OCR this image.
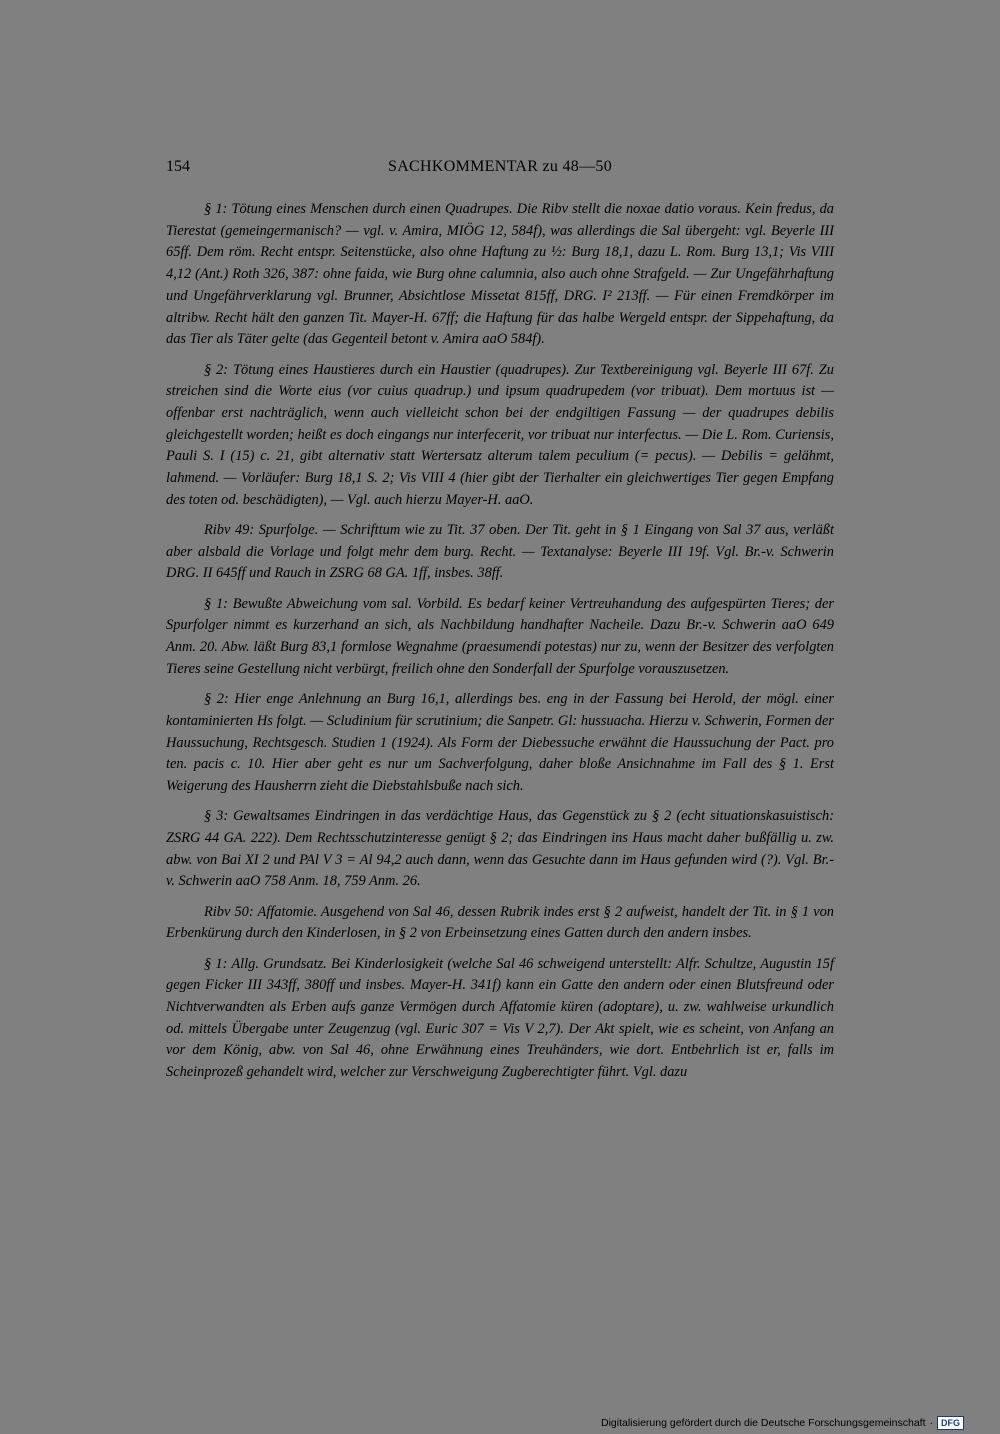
154	SACHKOMMENTAR zu 48—50

§ 1: Tötung eines Menschen durch einen Quadrupes. Die Ribv stellt die noxae datio voraus. Kein fredus, da Tierestat (gemeingermanisch? — vgl. v. Amira, MIÖG 12, 584f), was allerdings die Sal übergeht: vgl. Beyerle III 65ff. Dem röm. Recht entspr. Seitenstücke, also ohne Haftung zu ½: Burg 18,1, dazu L. Rom. Burg 13,1; Vis VIII 4,12 (Ant.) Roth 326, 387: ohne faida, wie Burg ohne calumnia, also auch ohne Strafgeld. — Zur Ungefährhaftung und Ungefährverklarung vgl. Brunner, Absichtlose Missetat 815ff, DRG. I² 213ff. — Für einen Fremdkörper im altribw. Recht hält den ganzen Tit. Mayer-H. 67ff; die Haftung für das halbe Wergeld entspr. der Sippehaftung, da das Tier als Täter gelte (das Gegenteil betont v. Amira aaO 584f).

§ 2: Tötung eines Haustieres durch ein Haustier (quadrupes). Zur Textbereinigung vgl. Beyerle III 67f. Zu streichen sind die Worte eius (vor cuius quadrup.) und ipsum quadrupedem (vor tribuat). Dem mortuus ist — offenbar erst nachträglich, wenn auch vielleicht schon bei der endgiltigen Fassung — der quadrupes debilis gleichgestellt worden; heißt es doch eingangs nur interfecerit, vor tribuat nur interfectus. — Die L. Rom. Curiensis, Pauli S. I (15) c. 21, gibt alternativ statt Wertersatz alterum talem peculium (= pecus). — Debilis = gelähmt, lahmend. — Vorläufer: Burg 18,1 S. 2; Vis VIII 4 (hier gibt der Tierhalter ein gleichwertiges Tier gegen Empfang des toten od. beschädigten), — Vgl. auch hierzu Mayer-H. aaO.

Ribv 49: Spurfolge. — Schrifttum wie zu Tit. 37 oben. Der Tit. geht in § 1 Eingang von Sal 37 aus, verläßt aber alsbald die Vorlage und folgt mehr dem burg. Recht. — Textanalyse: Beyerle III 19f. Vgl. Br.-v. Schwerin DRG. II 645ff und Rauch in ZSRG 68 GA. 1ff, insbes. 38ff.

§ 1: Bewußte Abweichung vom sal. Vorbild. Es bedarf keiner Vertreuhandung des aufgespürten Tieres; der Spurfolger nimmt es kurzerhand an sich, als Nachbildung handhafter Nacheile. Dazu Br.-v. Schwerin aaO 649 Anm. 20. Abw. läßt Burg 83,1 formlose Wegnahme (praesumendi potestas) nur zu, wenn der Besitzer des verfolgten Tieres seine Gestellung nicht verbürgt, freilich ohne den Sonderfall der Spurfolge vorauszusetzen.

§ 2: Hier enge Anlehnung an Burg 16,1, allerdings bes. eng in der Fassung bei Herold, der mögl. einer kontaminierten Hs folgt. — Scludinium für scrutinium; die Sanpetr. Gl: hussuacha. Hierzu v. Schwerin, Formen der Haussuchung, Rechtsgesch. Studien 1 (1924). Als Form der Diebessuche erwähnt die Haussuchung der Pact. pro ten. pacis c. 10. Hier aber geht es nur um Sachverfolgung, daher bloße Ansichnahme im Fall des § 1. Erst Weigerung des Hausherrn zieht die Diebstahlsbuße nach sich.

§ 3: Gewaltsames Eindringen in das verdächtige Haus, das Gegenstück zu § 2 (echt situationskasuistisch: ZSRG 44 GA. 222). Dem Rechtsschutzinteresse genügt § 2; das Eindringen ins Haus macht daher bußfällig u. zw. abw. von Bai XI 2 und PAl V 3 = Al 94,2 auch dann, wenn das Gesuchte dann im Haus gefunden wird (?). Vgl. Br.-v. Schwerin aaO 758 Anm. 18, 759 Anm. 26.

Ribv 50: Affatomie. Ausgehend von Sal 46, dessen Rubrik indes erst § 2 aufweist, handelt der Tit. in § 1 von Erbenkürung durch den Kinderlosen, in § 2 von Erbeinsetzung eines Gatten durch den andern insbes.

§ 1: Allg. Grundsatz. Bei Kinderlosigkeit (welche Sal 46 schweigend unterstellt: Alfr. Schultze, Augustin 15f gegen Ficker III 343ff, 380ff und insbes. Mayer-H. 341f) kann ein Gatte den andern oder einen Blutsfreund oder Nichtverwandten als Erben aufs ganze Vermögen durch Affatomie küren (adoptare), u. zw. wahlweise urkundlich od. mittels Übergabe unter Zeugenzug (vgl. Euric 307 = Vis V 2,7). Der Akt spielt, wie es scheint, von Anfang an vor dem König, abw. von Sal 46, ohne Erwähnung eines Treuhänders, wie dort. Entbehrlich ist er, falls im Scheinprozeß gehandelt wird, welcher zur Verschweigung Zugberechtigter führt. Vgl. dazu

Digitalisierung gefördert durch die Deutsche Forschungsgemeinschaft · DFG
